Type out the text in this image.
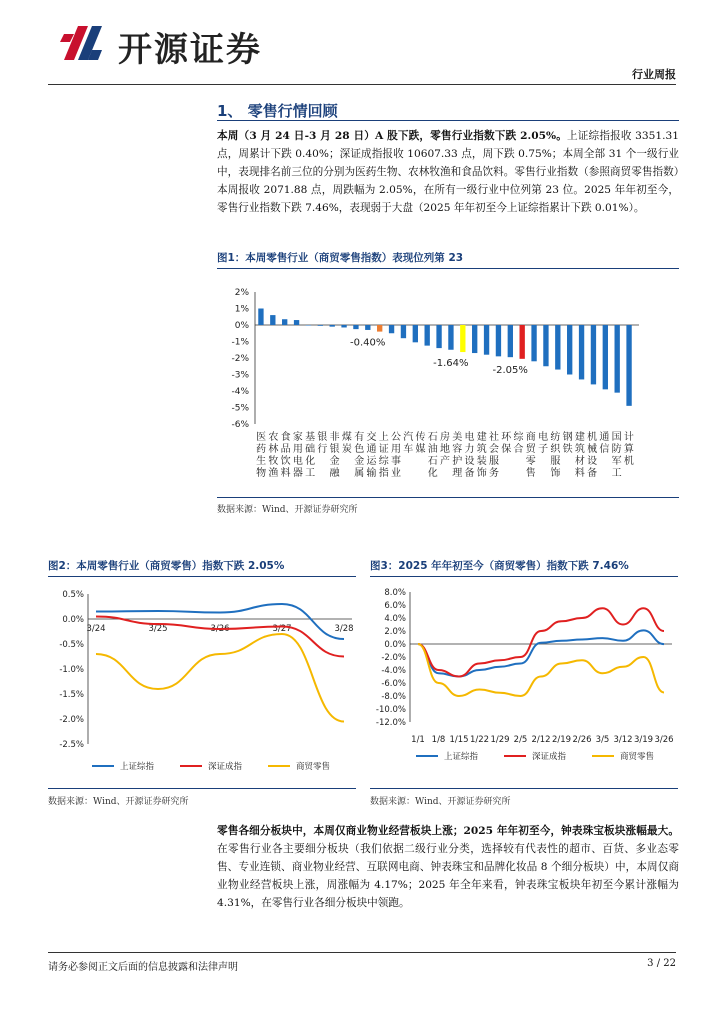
开源证券
行业周报
1、 零售行情回顾
本周（3 月 24 日-3 月 28 日）A 股下跌，零售行业指数下跌 2.05%。上证综指报收 3351.31 点，周累计下跌 0.40%；深证成指报收 10607.33 点，周下跌 0.75%；本周全部 31 个一级行业中，表现排名前三位的分别为医药生物、农林牧渔和食品饮料。零售行业指数（参照商贸零售指数）本周报收 2071.88 点，周跌幅为 2.05%，在所有一级行业中位列第 23 位。2025 年年初至今，零售行业指数下跌 7.46%，表现弱于大盘（2025 年年初至今上证综指累计下跌 0.01%）。
图1：本周零售行业（商贸零售指数）表现位列第 23
2%
1%
0%
-1%
-2%
-3%
-4%
-5%
-6%
-0.40%
-1.64%
-2.05%
医 农 食 家 基 银 非 煤 有 交 上 公 汽 传 石 房 美 电 建 社 环 综 商 电 纺 钢 建 机 通 国 计
药 林 品 用 础 行 银 炭 色 通 证 用 车 媒 油 地 容 力 筑 会 保 合 贸 子 织 铁 筑 械 信 防 算
生 牧 饮 电 化 金 金 运 综 事	石 产 护 设 装 服	零 服 材 设 军 机
物 渔 料 器 工 融 属 输 指 业	化 理 备 饰 务	售 饰 料 备 工
数据来源：Wind、开源证券研究所
图2：本周零售行业（商贸零售）指数下跌 2.05%
0.5%
0.0%
-0.5%
-1.0%
-1.5%
-2.0%
-2.5%
3/24	3/25	3/26	3/27	3/28
上证综指	深证成指	商贸零售
数据来源：Wind、开源证券研究所
图3：2025 年年初至今（商贸零售）指数下跌 7.46%
8.0%
6.0%
4.0%
2.0%
0.0%
-2.0%
-4.0%
-6.0%
-8.0%
-10.0%
-12.0%
1/1 1/8 1/15 1/22 1/29 2/5 2/12 2/19 2/26 3/5 3/12 3/19 3/26
上证综指	深证成指	商贸零售
数据来源：Wind、开源证券研究所
零售各细分板块中，本周仅商业物业经营板块上涨；2025 年年初至今，钟表珠宝板块涨幅最大。在零售行业各主要细分板块（我们依据二级行业分类，选择较有代表性的超市、百货、多业态零售、专业连锁、商业物业经营、互联网电商、钟表珠宝和品牌化妆品 8 个细分板块）中，本周仅商业物业经营板块上涨，周涨幅为 4.17%；2025 年全年来看，钟表珠宝板块年初至今累计涨幅为 4.31%，在零售行业各细分板块中领跑。
请务必参阅正文后面的信息披露和法律声明	3 / 22
